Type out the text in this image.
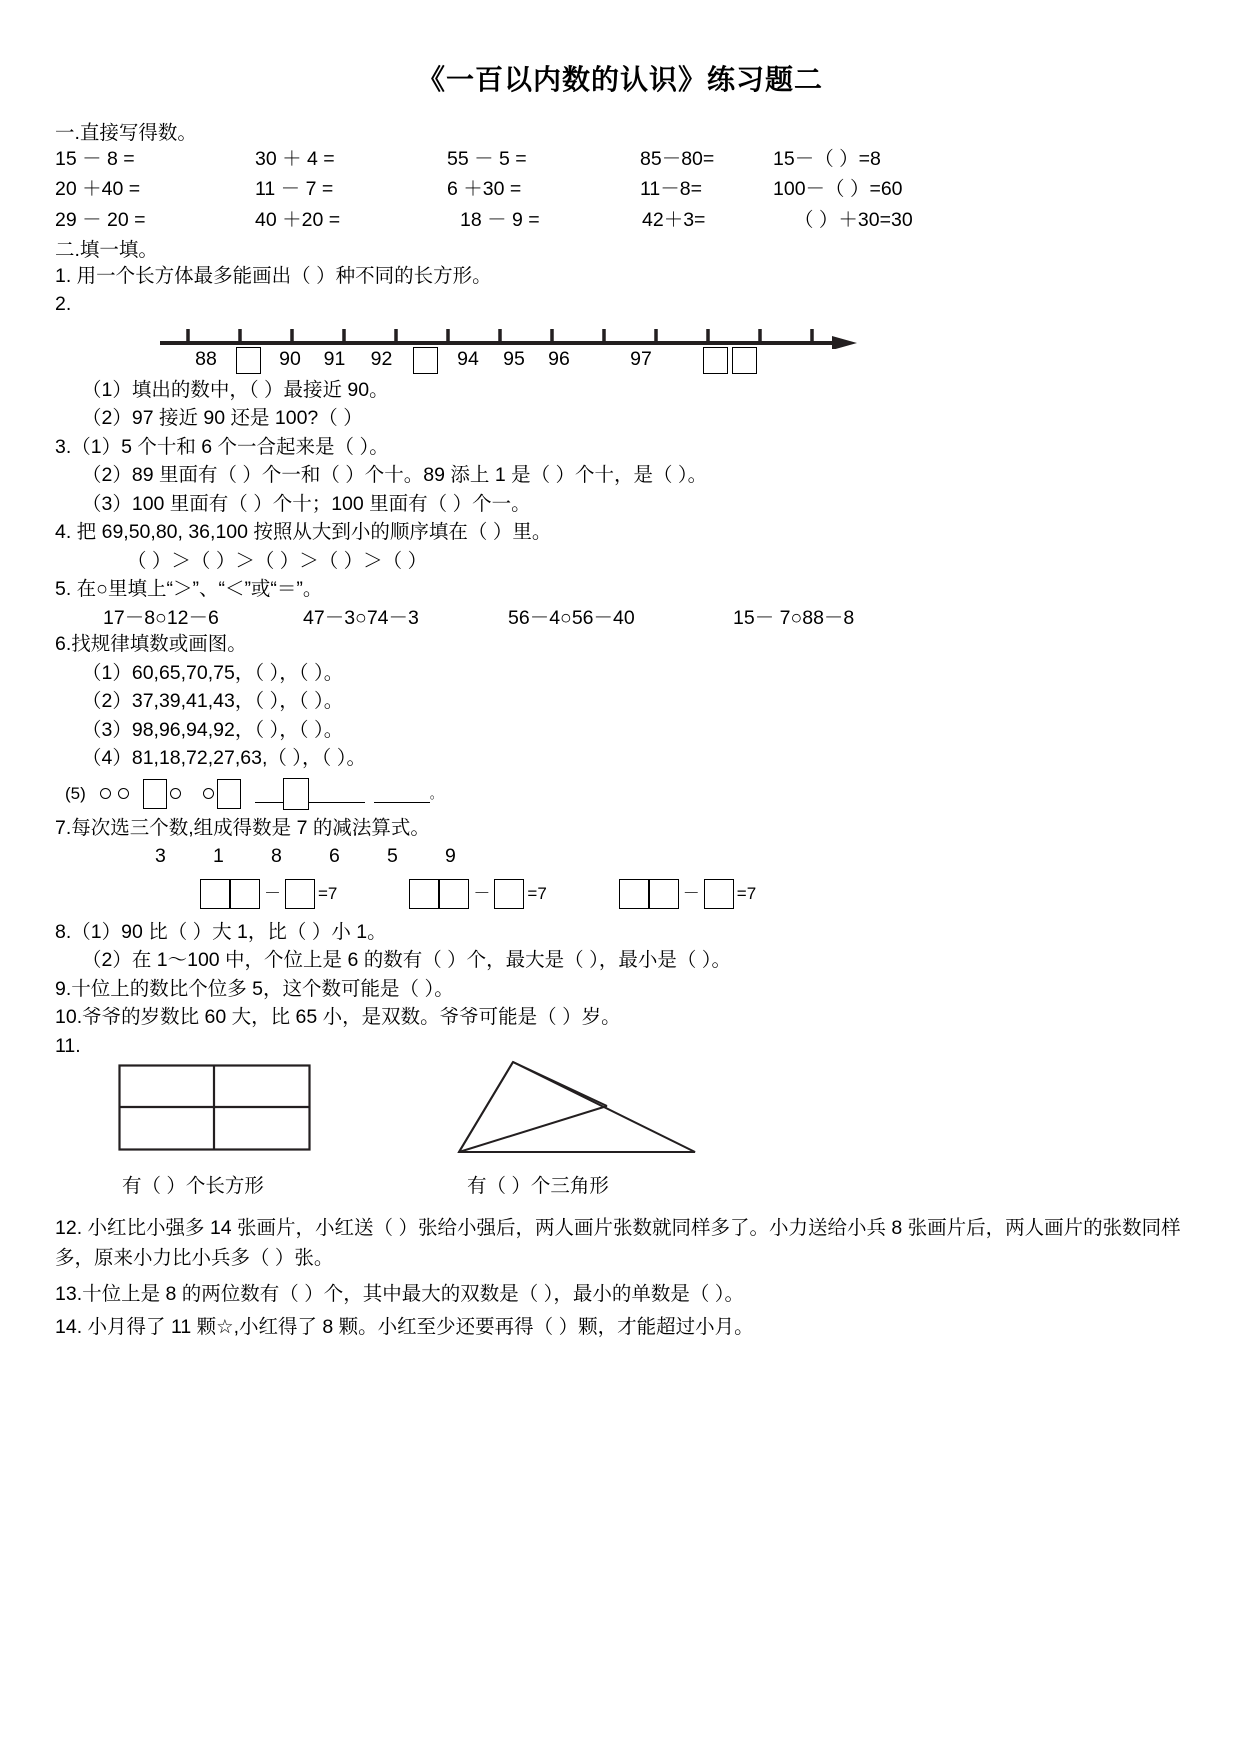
《一百以内数的认识》练习题二
一.直接写得数。
15 － 8 =	30 ＋ 4 =	55 － 5 =	85－80=	15－（ ）=8
20 ＋40 =	11 － 7 =	6 ＋30 =	11－8=	100－（ ）=60
29 － 20 =	40 ＋20 =	18 － 9 =	42＋3=	（ ）＋30=30
二.填一填。
1. 用一个长方体最多能画出（ ）种不同的长方形。
2.
88	90	91	92	94	95	96	97
（1）填出的数中，（ ）最接近 90。
（2）97 接近 90 还是 100?（ ）
3.（1）5 个十和 6 个一合起来是（ ）。
（2）89 里面有（ ）个一和（ ）个十。89 添上 1 是（ ）个十，是（ ）。
（3）100 里面有（ ）个十；100 里面有（ ）个一。
4. 把 69,50,80, 36,100 按照从大到小的顺序填在（ ）里。
（ ）＞（ ）＞（ ）＞（ ）＞（ ）
5. 在○里填上“＞”、“＜”或“＝”。
17－8○12－6	47－3○74－3	56－4○56－40	15－ 7○88－8
6.找规律填数或画图。
（1）60,65,70,75，（ ），（ ）。
（2）37,39,41,43，（ ），（ ）。
（3）98,96,94,92，（ ），（ ）。
（4）81,18,72,27,63,（ ），（ ）。
(5)	。
7.每次选三个数,组成得数是 7 的减法算式。
3	1	8	6	5	9
－ =7	－ =7	－ =7
8.（1）90 比（ ）大 1，比（ ）小 1。
（2）在 1～100 中，个位上是 6 的数有（ ）个，最大是（ ），最小是（ ）。
9.十位上的数比个位多 5，这个数可能是（ ）。
10.爷爷的岁数比 60 大，比 65 小，是双数。爷爷可能是（ ）岁。
11.
有（ ）个长方形	有（ ）个三角形
12. 小红比小强多 14 张画片，小红送（ ）张给小强后，两人画片张数就同样多了。小力送给小兵 8 张画片后，两人画片的张数同样多，原来小力比小兵多（ ）张。
13.十位上是 8 的两位数有（ ）个，其中最大的双数是（ ），最小的单数是（ ）。
14. 小月得了 11 颗☆,小红得了 8 颗。小红至少还要再得（ ）颗，才能超过小月。
